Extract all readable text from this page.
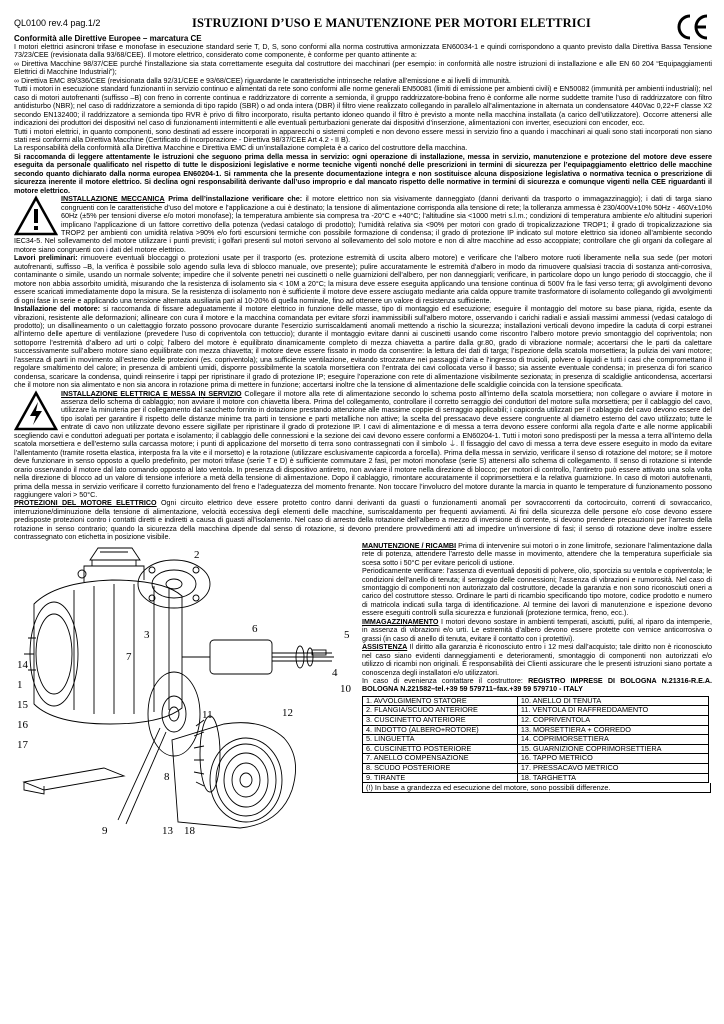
QL0100 rev.4 pag.1/2	ISTRUZIONI D’USO E MANUTENZIONE PER MOTORI ELETTRICI
Conformità alle Direttive Europee – marcatura CE

I motori elettrici asincroni trifase e monofase in esecuzione standard serie T, D, S, sono conformi alla norma costruttiva armonizzata EN60034-1 e quindi corrispondono a quanto previsto dalla Direttiva Bassa Tensione 73/23/CEE (revisionata dalla 93/68/CEE). Il motore elettrico, considerato come componente, è conforme per quanto attinente a:

∞ Direttiva Macchine 98/37/CEE purché l’installazione sia stata correttamente eseguita dal costruttore dei macchinari (per esempio: in conformità alle nostre istruzioni di installazione e alle EN 60 204 “Equipaggiamenti Elettrici di Macchine Industriali”);

∞ Direttiva EMC 89/336/CEE (revisionata dalla 92/31/CEE e 93/68/CEE) riguardante le caratteristiche intrinseche relative all’emissione e ai livelli di immunità.

Tutti i motori in esecuzione standard funzionanti in servizio continuo e alimentati da rete sono conformi alle norme generali EN50081 (limiti di emissione per ambienti civili) e EN50082 (immunità per ambienti industriali); nel caso di motori autofrenanti (suffisso –B) con freno in corrente continua e raddrizzatore di corrente a semionda, il gruppo raddrizzatore-bobina freno è conforme alle norme suddette tramite l’uso di raddrizzatore con filtro antidisturbo (NBR); nel caso di raddrizzatore a semionda di tipo rapido (SBR) o ad onda intera (DBR) il filtro viene realizzato collegando in parallelo all’alimentazione in alternata un condensatore 440Vac 0,22÷F classe X2 secondo EN132400; il raddrizzatore a semionda tipo RVR è privo di filtro incorporato, risulta pertanto idoneo quando il filtro è previsto a monte nella macchina installata (a carico dell’utilizzatore). Occorre attenersi alle indicazioni dei produttori dei dispositivi nel caso di funzionamenti intermittenti e alle eventuali perturbazioni generate dai dispositivi d’inserzione, alimentazioni con inverter, esecuzioni con encoder, ecc.

Tutti i motori elettrici, in quanto componenti, sono destinati ad essere incorporati in apparecchi o sistemi completi e non devono essere messi in servizio fino a quando i macchinari ai quali sono stati incorporati non siano stati resi conformi alla Direttiva Macchine (Certificato di Incorporazione - Direttiva 98/37/CEE Art 4.2 - II B).

La responsabilità della conformità alla Direttiva Macchine e Direttiva EMC di un’installazione completa è a carico del costruttore della macchina.

Si raccomanda di leggere attentamente le istruzioni che seguono prima della messa in servizio: ogni operazione di installazione, messa in servizio, manutenzione e protezione del motore deve essere eseguita da personale qualificato nel rispetto di tutte le disposizioni legislative e norme tecniche vigenti nonché delle prescrizioni in termini di sicurezza per l’equipaggiamento elettrico delle macchine secondo quanto dichiarato dalla norma europea EN60204-1. Si rammenta che la presente documentazione integra e non sostituisce alcuna disposizione legislativa o normativa tecnica o prescrizione di sicurezza inerente il motore elettrico. Si declina ogni responsabilità derivante dall’uso improprio e dal mancato rispetto delle normative in termini di sicurezza e comunque vigenti nella CEE riguardanti il motore elettrico.

INSTALLAZIONE MECCANICA Prima dell’installazione verificare che: il motore elettrico non sia visivamente danneggiato (danni derivanti da trasporto o immagazzinaggio); i dati di targa siano congruenti con le caratteristiche d’uso del motore e l’applicazione a cui è destinato; la tensione di alimentazione corrisponda alla tensione di rete; la tolleranza ammessa è 230/400V±10% 50Hz - 460V±10% 60Hz (±5% per tensioni diverse e/o motori monofase); la temperatura ambiente sia compresa tra -20°C e +40°C; l’altitudine sia <1000 metri s.l.m.; condizioni di temperatura ambiente e/o altitudini superiori implicano l’applicazione di un fattore correttivo della potenza (vedasi catalogo di prodotto); l’umidità relativa sia <90% per motori con grado di tropicalizzazione TROP1; il grado di tropicalizzazione sia TROP2 per ambienti con umidità relativa >90% e/o forti escursioni termiche con possibile formazione di condensa; il grado di protezione IP indicato sul motore elettrico sia idoneo all’ambiente secondo IEC34-5. Nel sollevamento del motore utilizzare i punti previsti; i golfari presenti sul motori servono al sollevamento del solo motore e non di altre macchine ad esso accoppiate; controllare che gli organi da collegare al motore siano congruenti con i dati del motore elettrico.

Lavori preliminari: rimuovere eventuali bloccaggi o protezioni usate per il trasporto (es. protezione estremità di uscita albero motore) e verificare che l’albero motore ruoti liberamente nella sua sede (per motori autofrenanti, suffisso –B, la verifica è possibile solo agendo sulla leva di sblocco manuale, ove presente); pulire accuratamente le estremità d’albero in modo da rimuovere qualsiasi traccia di sostanza anti-corrosiva, contaminante o simile, usando un normale solvente; impedire che il solvente penetri nei cuscinetti o nelle guarnizioni dell’albero, per non danneggiarli; verificare, in particolare dopo un lungo periodo di stoccaggio, che il motore non abbia assorbito umidità, misurando che la resistenza di isolamento sia < 10M a 20°C; la misura deve essere eseguita applicando una tensione continua di 500V fra le fasi verso terra; gli avvolgimenti devono essere scaricati immediatamente dopo la misura. Se la resistenza di isolamento non è sufficiente il motore deve essere asciugato mediante aria calda oppure tramite trasformatore di isolamento collegando gli avvolgimenti di ogni fase in serie e applicando una tensione alternata ausiliaria pari al 10-20% di quella nominale, fino ad ottenere un valore di resistenza sufficiente.

Installazione del motore: si raccomanda di fissare adeguatamente il motore elettrico in funzione delle masse, tipo di montaggio ed esecuzione; eseguire il montaggio del motore su base piana, rigida, esente da vibrazioni, resistente alle deformazioni; allineare con cura il motore e la macchina comandata per evitare sforzi inammissibili sull’albero motore, osservando i carichi radiali e assiali massimi ammessi (vedasi catalogo di prodotto); un disallineamento o un calettaggio forzato possono provocare durante l’esercizio surriscaldamenti anomali mettendo a rischio la sicurezza; installazioni verticali devono impedire la caduta di corpi estranei all’interno delle aperture di ventilazione (prevedere l’uso di copriventola con tettuccio); durante il montaggio evitare danni ai cuscinetti usando come riscontro l’albero motore previo smontaggio del copriventola; non sottoporre l’estremità d’albero ad urti o colpi; l’albero del motore è equilibrato dinamicamente completo di mezza chiavetta a partire dalla gr.80, grado di vibrazione normale; accertarsi che le parti da calettare successivamente sull’albero motore siano equilibrate con mezza chiavetta; il motore deve essere fissato in modo da consentire: la lettura dei dati di targa; l’ispezione della scatola morsettiera; la pulizia dei vani motore; l’assenza di parti in movimento all’esterno delle protezioni (es. copriventola); una sufficiente ventilazione, evitando strozzature nei passaggi d’aria e l’ingresso di trucioli, polvere o liquidi e tutti i casi che compromettano il regolare smaltimento del calore; in presenza di ambienti umidi, disporre possibilmente la scatola morsettiera con l’entrata dei cavi collocata verso il basso; sia assente eventuale condensa; in presenza di fori scarico condensa, scaricare la condensa, quindi reinserire i tappi per ripristinare il grado di protezione IP; eseguire l’operazione con rete di alimentazione visibilmente sezionata; in presenza di scaldiglie anticondensa, accertarsi che il motore non sia alimentato e non sia ancora in rotazione prima di mettere in funzione; accertarsi inoltre che la tensione di alimentazione delle scaldiglie coincida con la tensione specificata.

INSTALLAZIONE ELETTRICA E MESSA IN SERVIZIO Collegare il motore alla rete di alimentazione secondo lo schema posto all’interno della scatola morsettiera; non collegare o avviare il motore in assenza dello schema di cablaggio; non avviare il motore con chiavetta libera. Prima del collegamento, controllare il corretto serraggio dei conduttori del motore sulla morsettiera; per il cablaggio del cavo, utilizzare la minuteria per il collegamento dal sacchetto fornito in dotazione prestando attenzione alle massime coppie di serraggio applicabili; i capicorda utilizzati per il cablaggio del cavo devono essere del tipo isolati per garantire il rispetto delle distanze minime tra parti in tensione e parti metalliche non attive; la scelta del pressacavo deve essere congruente al diametro esterno del cavo utilizzato; tutte le entrate di cavo non utilizzate devono essere sigillate per ripristinare il grado di protezione IP. I cavi di alimentazione e di messa a terra devono essere conformi alla regola d’arte e alle norme applicabili scegliendo cavi e conduttori adeguati per portata e isolamento; il cablaggio delle connessioni e la sezione dei cavi devono essere conformi a EN60204-1. Tutti i motori sono predisposti per la messa a terra all’interno della scatola morsettiera e dell’esterno sulla carcassa motore; i punti di applicazione del morsetto di terra sono contrassegnati con il simbolo ⏚. Il fissaggio del cavo di messa a terra deve essere eseguito in modo da evitare l’allentamento (tramite rosetta elastica, interposta fra la vite e il morsetto) e la rotazione (utilizzare esclusivamente capicorda a forcella). Prima della messa in servizio, verificare il senso di rotazione del motore; se il motore deve funzionare in senso opposto a quello predefinito, per motori trifase (serie T e D) è sufficiente commutare 2 fasi, per motori monofase (serie S) attenersi allo schema di collegamento. Il senso di rotazione si intende orario osservando il motore dal lato comando opposto al lato ventola. In presenza di dispositivo antiretro, non avviare il motore nella direzione di blocco; per motori di controllo, l’antiretro può essere attivato una sola volta nella direzione di blocco ad un valore di tensione inferiore a metà della tensione di alimentazione. Dopo il cablaggio, rimontare accuratamente il coprimorsettiera e la relativa guarnizione. In caso di motori autofrenanti, prima della messa in servizio verificare il corretto funzionamento del freno e l’adeguatezza del momento frenante. Non toccare l’involucro del motore durante la marcia in quanto le temperature di funzionamento possono raggiungere valori > 50°C.

PROTEZIONI DEL MOTORE ELETTRICO Ogni circuito elettrico deve essere protetto contro danni derivanti da guasti o funzionamenti anomali per sovraccorrenti da cortocircuito, correnti di sovraccarico, interruzione/diminuzione della tensione di alimentazione, velocità eccessiva degli elementi delle macchine, surriscaldamento per frequenti avviamenti. Ai fini della sicurezza delle persone e/o cose devono essere predisposte protezioni contro i contatti diretti e indiretti a causa di guasti all’isolamento. Nel caso di arresto della rotazione dell’albero a mezzo di inversione di corrente, si devono prendere precauzioni per l’arresto della rotazione in senso contrario; quando la sicurezza della macchina dipende dal senso di rotazione, si devono prendere provvedimenti atti ad impedire un’inversione di fasi; il senso di rotazione deve inoltre essere contrassegnato con etichetta in posizione visibile.

14
1
15
16
17
12
3
7
11
2
8
9
5
6
4
18
13
10

MANUTENZIONE / RICAMBI Prima di intervenire sui motori o in zone limitrofe, sezionare l’alimentazione dalla rete di potenza, attendere l’arresto delle masse in movimento, attendere che la temperatura superficiale sia scesa sotto i 50°C per evitare pericoli di ustione.

Periodicamente verificare: l’assenza di eventuali depositi di polvere, olio, sporcizia su ventola e copriventola; le condizioni dell’anello di tenuta; il serraggio delle connessioni; l’assenza di vibrazioni e rumorosità. Nel caso di smontaggio di componenti non autorizzato dal costruttore, decade la garanzia e non sono riconosciuti oneri a carico del costruttore stesso. Ordinare le parti di ricambio specificando tipo motore, codice prodotto e numero di matricola indicati sulla targa di identificazione. Al termine dei lavori di manutenzione e ispezione devono essere eseguiti controlli sulla sicurezza e funzionali (protezione termica, freno, ecc.).

IMMAGAZZINAMENTO I motori devono sostare in ambienti temperati, asciutti, puliti, al riparo da intemperie, in assenza di vibrazioni e/o urti. Le estremità d’albero devono essere protette con vernice anticorrosiva o grassi (in caso di anello di tenuta, evitare il contatto con i protettivi).

ASSISTENZA Il diritto alla garanzia è riconosciuto entro i 12 mesi dall’acquisto; tale diritto non è riconosciuto nel caso siano evidenti danneggiamenti e deterioramenti, smontaggio di componenti non autorizzati e/o utilizzo di ricambi non originali. È responsabilità dei Clienti assicurare che le presenti istruzioni siano portate a conoscenza degli installatori e/o utilizzatori.

In caso di evenienza contattare il costruttore: REGISTRO IMPRESE DI BOLOGNA N.21316-R.E.A. BOLOGNA N.221582–tel.+39 59 579711–fax.+39 59 579710 - ITALY

1. AVVOLGIMENTO STATORE	10. ANELLO DI TENUTA
2. FLANGIA/SCUDO ANTERIORE	11. VENTOLA DI RAFFREDDAMENTO
3. CUSCINETTO ANTERIORE	12. COPRIVENTOLA
4. INDOTTO (ALBERO+ROTORE)	13. MORSETTIERA + CORREDO
5. LINGUETTA	14. COPRIMORSETTIERA
6. CUSCINETTO POSTERIORE	15. GUARNIZIONE COPRIMORSETTIERA
7. ANELLO COMPENSAZIONE	16. TAPPO METRICO
8. SCUDO POSTERIORE	17. PRESSACAVO METRICO
9. TIRANTE	18. TARGHETTA
(!) In base a grandezza ed esecuzione del motore, sono possibili differenze.
